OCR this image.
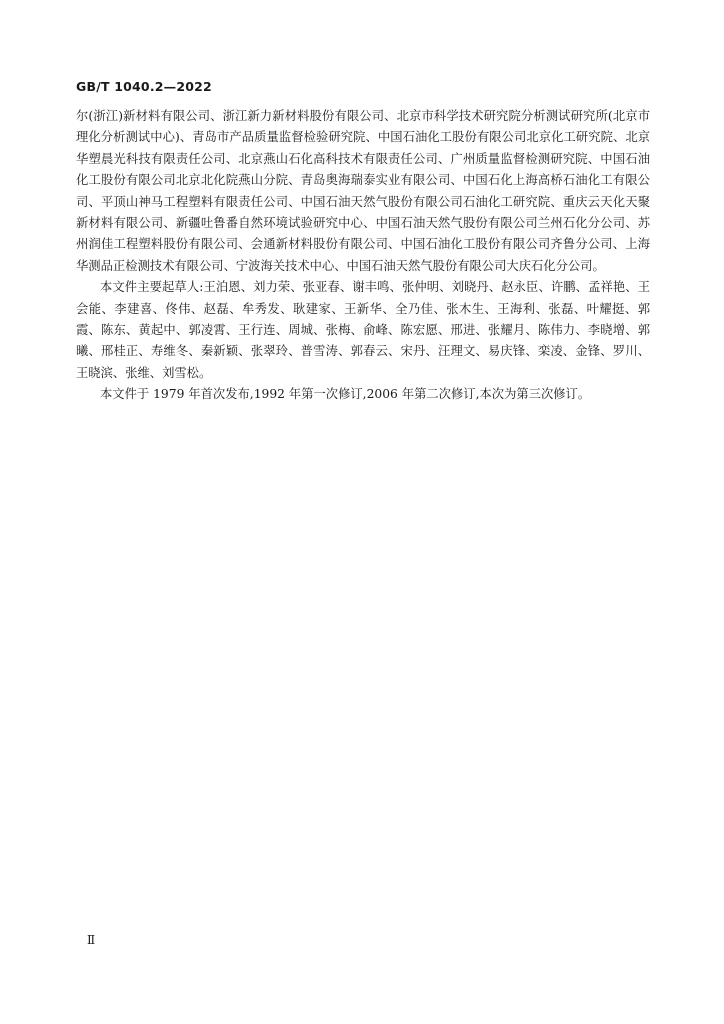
GB/T 1040.2—2022

尔(浙江)新材料有限公司、浙江新力新材料股份有限公司、北京市科学技术研究院分析测试研究所(北京市理化分析测试中心)、青岛市产品质量监督检验研究院、中国石油化工股份有限公司北京化工研究院、北京华塑晨光科技有限责任公司、北京燕山石化高科技术有限责任公司、广州质量监督检测研究院、中国石油化工股份有限公司北京北化院燕山分院、青岛奥海瑞泰实业有限公司、中国石化上海高桥石油化工有限公司、平顶山神马工程塑料有限责任公司、中国石油天然气股份有限公司石油化工研究院、重庆云天化天聚新材料有限公司、新疆吐鲁番自然环境试验研究中心、中国石油天然气股份有限公司兰州石化分公司、苏州润佳工程塑料股份有限公司、会通新材料股份有限公司、中国石油化工股份有限公司齐鲁分公司、上海华测品正检测技术有限公司、宁波海关技术中心、中国石油天然气股份有限公司大庆石化分公司。

本文件主要起草人:王泊恩、刘力荣、张亚春、谢丰鸣、张仲明、刘晓丹、赵永臣、许鹏、孟祥艳、王会能、李建喜、佟伟、赵磊、牟秀发、耿建家、王新华、全乃佳、张木生、王海利、张磊、叶耀挺、郭霞、陈东、黄起中、郭凌霄、王行连、周城、张梅、俞峰、陈宏愿、邢进、张耀月、陈伟力、李晓增、郭曦、邢桂正、寿维冬、秦新颖、张翠玲、普雪涛、郭春云、宋丹、汪理文、易庆锋、栾凌、金锋、罗川、王晓滨、张维、刘雪松。

本文件于 1979 年首次发布,1992 年第一次修订,2006 年第二次修订,本次为第三次修订。

Ⅱ
